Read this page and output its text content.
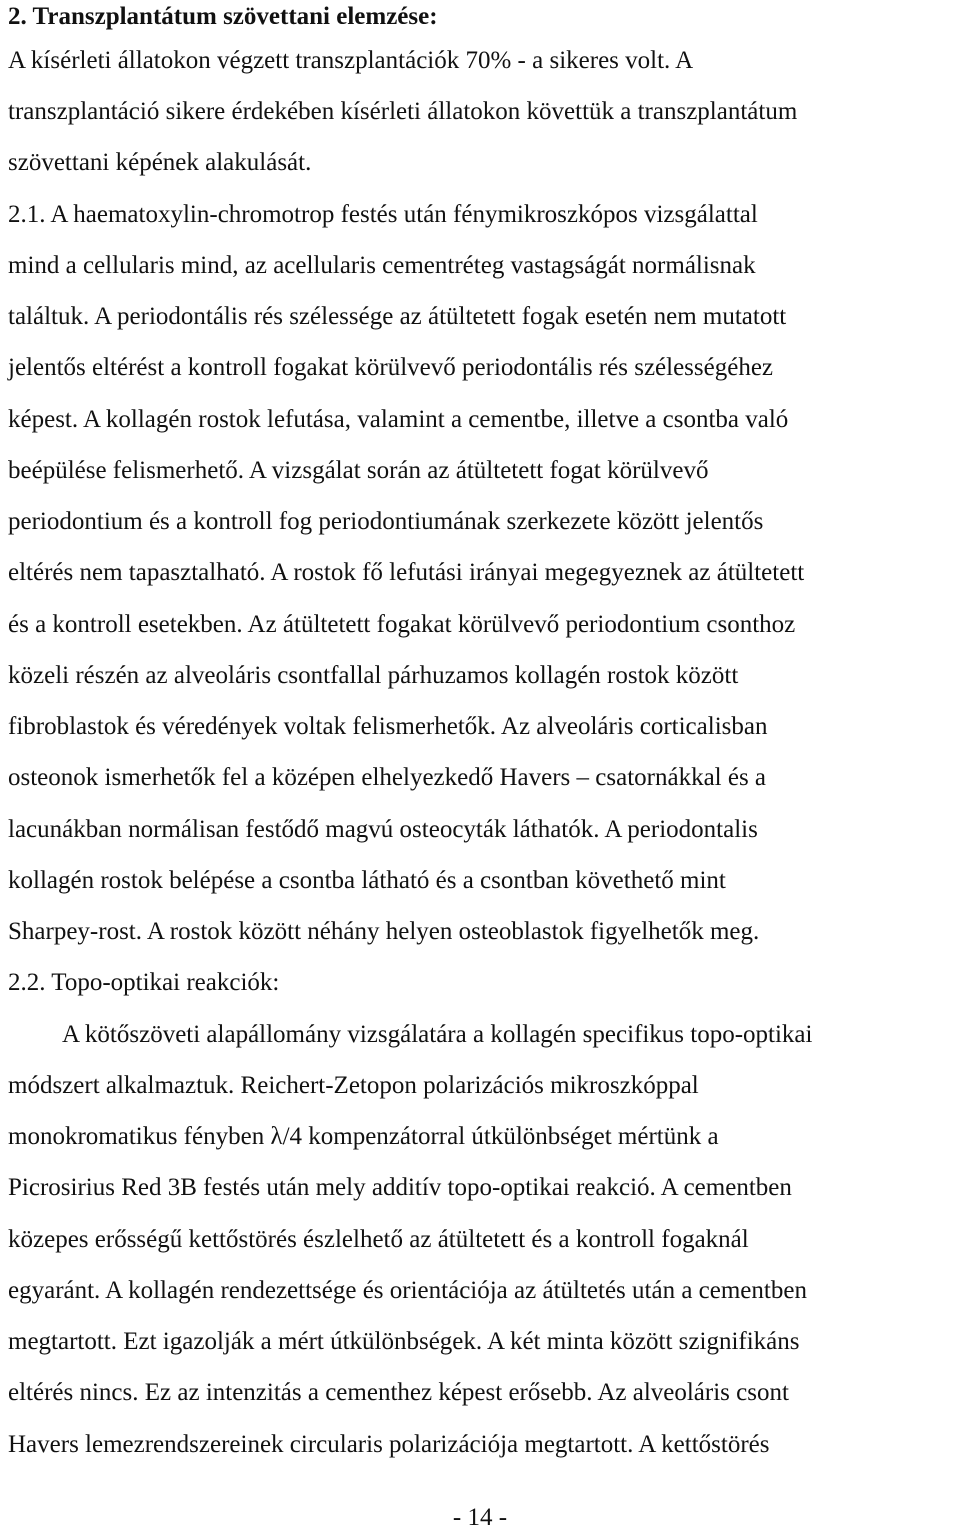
2. Transzplantátum szövettani elemzése:
A kísérleti állatokon végzett transzplantációk 70% - a sikeres volt. A
transzplantáció sikere érdekében kísérleti állatokon követtük a transzplantátum
szövettani képének alakulását.
2.1. A haematoxylin-chromotrop festés után fénymikroszkópos vizsgálattal
mind a cellularis mind, az acellularis cementréteg vastagságát normálisnak
találtuk. A periodontális rés szélessége az átültetett fogak esetén nem mutatott
jelentős eltérést a kontroll fogakat körülvevő periodontális rés szélességéhez
képest. A kollagén rostok lefutása, valamint a cementbe, illetve a csontba való
beépülése felismerhető. A vizsgálat során az átültetett fogat körülvevő
periodontium és a kontroll fog periodontiumának szerkezete között jelentős
eltérés nem tapasztalható. A rostok fő lefutási irányai megegyeznek az átültetett
és a kontroll esetekben. Az átültetett fogakat körülvevő periodontium csonthoz
közeli részén az alveoláris csontfallal párhuzamos kollagén rostok között
fibroblastok és véredények voltak felismerhetők. Az alveoláris corticalisban
osteonok ismerhetők fel a középen elhelyezkedő Havers – csatornákkal és a
lacunákban normálisan festődő magvú osteocyták láthatók. A periodontalis
kollagén rostok belépése a csontba látható és a csontban követhető mint
Sharpey-rost. A rostok között néhány helyen osteoblastok figyelhetők meg.
2.2. Topo-optikai reakciók:
A kötőszöveti alapállomány vizsgálatára a kollagén specifikus topo-optikai
módszert alkalmaztuk. Reichert-Zetopon polarizációs mikroszkóppal
monokromatikus fényben λ/4 kompenzátorral útkülönbséget mértünk a
Picrosirius Red 3B festés után mely additív topo-optikai reakció. A cementben
közepes erősségű kettőstörés észlelhető az átültetett és a kontroll fogaknál
egyaránt. A kollagén rendezettsége és orientációja az átültetés után a cementben
megtartott. Ezt igazolják a mért útkülönbségek. A két minta között szignifikáns
eltérés nincs. Ez az intenzitás a cementhez képest erősebb. Az alveoláris csont
Havers lemezrendszereinek circularis polarizációja megtartott. A kettőstörés
- 14 -
